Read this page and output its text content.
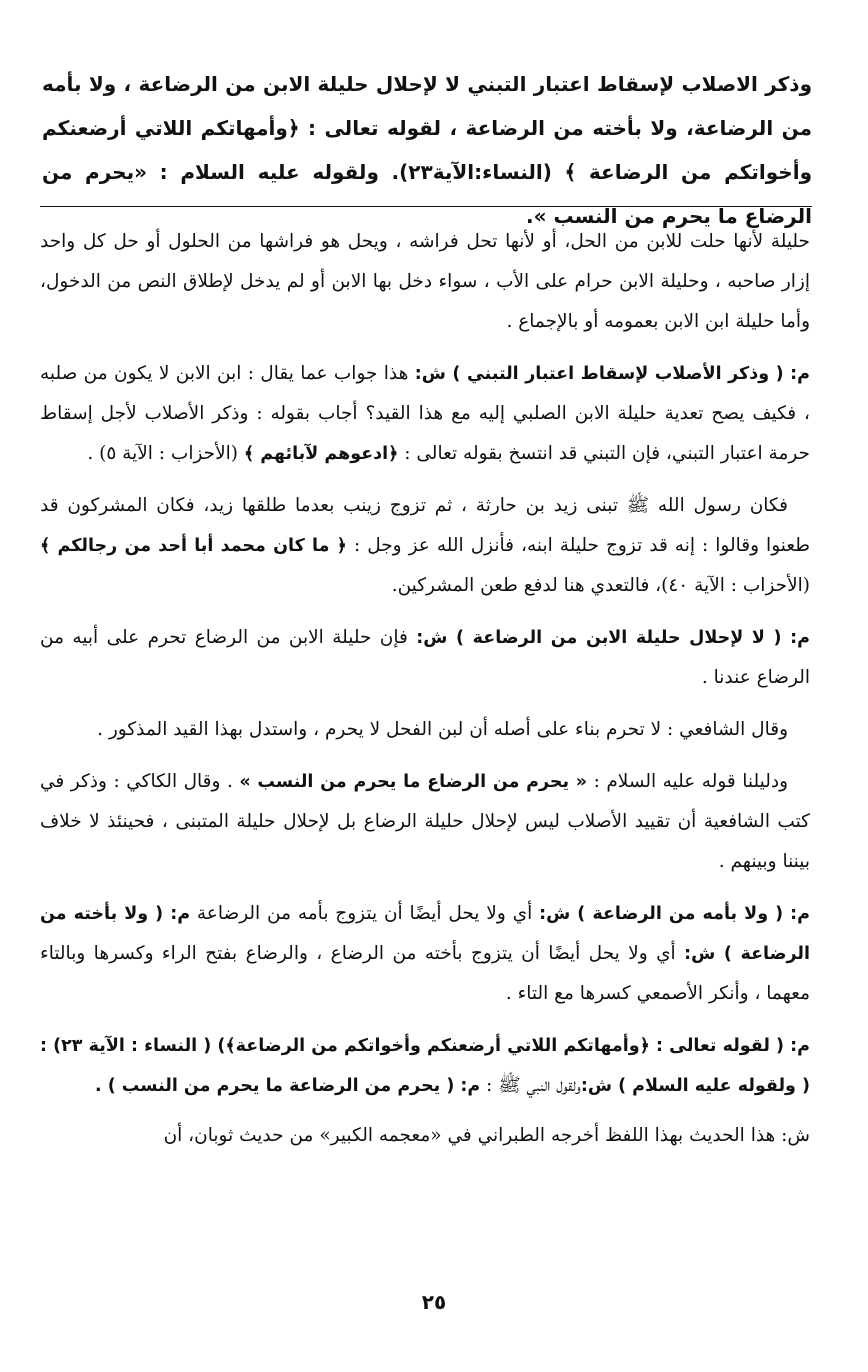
وذكر الاصلاب لإسقاط اعتبار التبني لا لإحلال حليلة الابن من الرضاعة ، ولا بأمه من الرضاعة، ولا بأخته من الرضاعة ، لقوله تعالى : ﴿وأمهاتكم اللاتي أرضعنكم وأخواتكم من الرضاعة ﴾ (النساء:الآية٢٣). ولقوله عليه السلام : «يحرم من الرضاع ما يحرم من النسب ».

حليلة لأنها حلت للابن من الحل، أو لأنها تحل فراشه ، ويحل هو فراشها من الحلول أو حل كل واحد إزار صاحبه ، وحليلة الابن حرام على الأب ، سواء دخل بها الابن أو لم يدخل لإطلاق النص من الدخول، وأما حليلة ابن الابن بعمومه أو بالإجماع .

م: ( وذكر الأصلاب لإسقاط اعتبار التبني ) ش: هذا جواب عما يقال : ابن الابن لا يكون من صلبه ، فكيف يصح تعدية حليلة الابن الصلبي إليه مع هذا القيد؟ أجاب بقوله : وذكر الأصلاب لأجل إسقاط حرمة اعتبار التبني، فإن التبني قد انتسخ بقوله تعالى : ﴿ادعوهم لآبائهم ﴾ (الأحزاب : الآية ٥) .

فكان رسول الله ﷺ تبنى زيد بن حارثة ، ثم تزوج زينب بعدما طلقها زيد، فكان المشركون قد طعنوا وقالوا : إنه قد تزوج حليلة ابنه، فأنزل الله عز وجل : ﴿ ما كان محمد أبا أحد من رجالكم ﴾ (الأحزاب : الآية ٤٠)، فالتعدي هنا لدفع طعن المشركين.

م: ( لا لإحلال حليلة الابن من الرضاعة ) ش: فإن حليلة الابن من الرضاع تحرم على أبيه من الرضاع عندنا .

وقال الشافعي : لا تحرم بناء على أصله أن لبن الفحل لا يحرم ، واستدل بهذا القيد المذكور .

ودليلنا قوله عليه السلام : « يحرم من الرضاع ما يحرم من النسب » . وقال الكاكي : وذكر في كتب الشافعية أن تقييد الأصلاب ليس لإحلال حليلة الرضاع بل لإحلال حليلة المتبنى ، فحينئذ لا خلاف بيننا وبينهم .

م: ( ولا بأمه من الرضاعة ) ش: أي ولا يحل أيضًا أن يتزوج بأمه من الرضاعة م: ( ولا بأخته من الرضاعة ) ش: أي ولا يحل أيضًا أن يتزوج بأخته من الرضاع ، والرضاع بفتح الراء وكسرها وبالتاء معهما ، وأنكر الأصمعي كسرها مع التاء .

م: ( لقوله تعالى : ﴿وأمهاتكم اللاتي أرضعنكم وأخواتكم من الرضاعة﴾) ( النساء : الآية ٢٣) : ( ولقوله عليه السلام ) ش:ولقول النبي ﷺ : م: ( يحرم من الرضاعة ما يحرم من النسب ) .

ش: هذا الحديث بهذا اللفظ أخرجه الطبراني في «معجمه الكبير» من حديث ثوبان، أن

٢٥
